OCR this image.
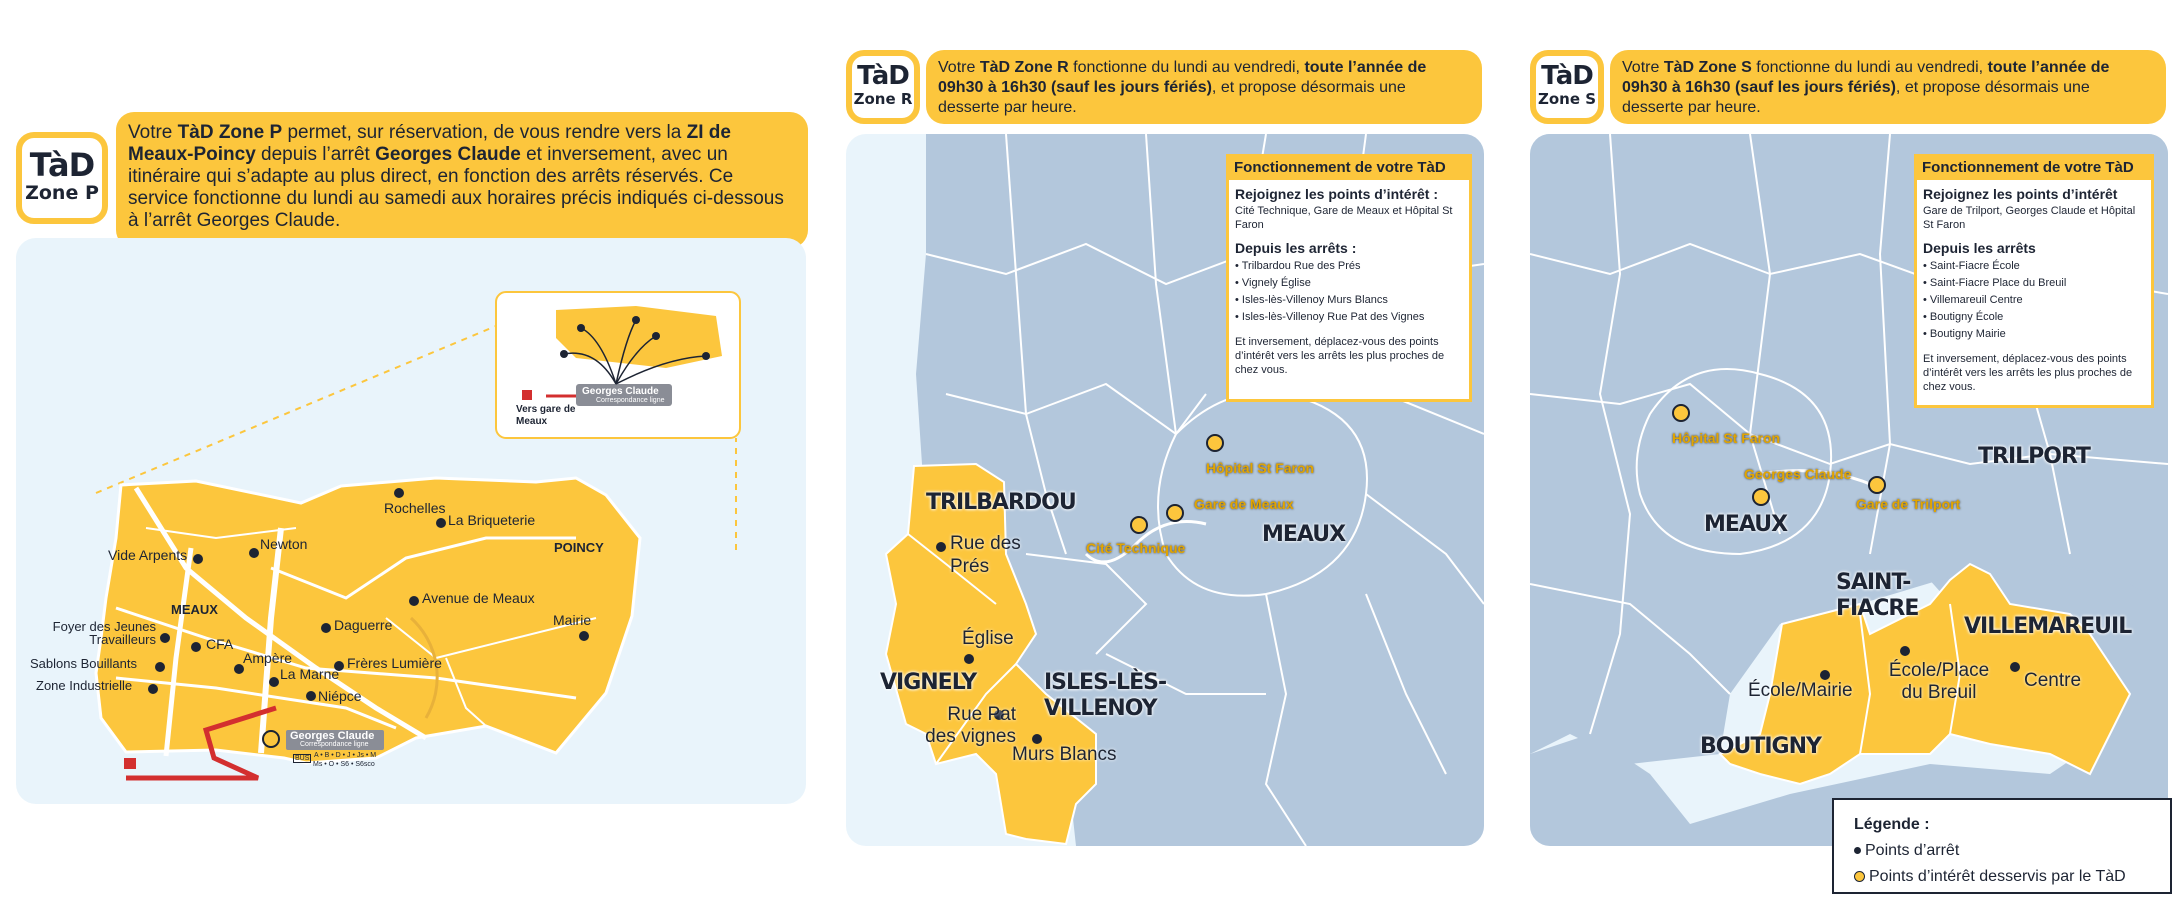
TàD
Zone P
Votre TàD Zone P permet, sur réservation, de vous rendre vers la ZI de Meaux-Poincy depuis l’arrêt Georges Claude et inversement, avec un itinéraire qui s’adapte au plus direct, en fonction des arrêts réservés. Ce service fonctionne du lundi au samedi aux horaires précis indiqués ci-dessous à l’arrêt Georges Claude.
Georges Claude
Correspondance ligne
Vers gare de Meaux
MEAUX
POINCY
Rochelles
La Briqueterie
Newton
Vide Arpents
Avenue de Meaux
Mairie
Foyer des Jeunes Travailleurs	CFA
Daguerre
Ampère	Frères Lumière
Sablons Bouillants
La Marne
Zone Industrielle
Niépce
Georges Claude
Correspondance ligne
BUS A • B • D • J • Js • M
Ms • O • S6 • S6sco
TàD
Zone R
Votre TàD Zone R fonctionne du lundi au vendredi, toute l’année de 09h30 à 16h30 (sauf les jours fériés), et propose désormais une desserte par heure.
Fonctionnement de votre TàD
Rejoignez les points d’intérêt :
Cité Technique, Gare de Meaux et Hôpital St Faron
Depuis les arrêts :
• Trilbardou Rue des Prés
• Vignely Église
• Isles-lès-Villenoy Murs Blancs
• Isles-lès-Villenoy Rue Pat des Vignes
Et inversement, déplacez-vous des points d’intérêt vers les arrêts les plus proches de chez vous.
Hôpital St Faron
Gare de Meaux
Cité Technique
TRILBARDOU
VIGNELY	ISLES-LÈS-VILLENOY
MEAUX
Rue des Prés
Église
Rue Pat des vignes
Murs Blancs
TàD
Zone S
Votre TàD Zone S fonctionne du lundi au vendredi, toute l’année de 09h30 à 16h30 (sauf les jours fériés), et propose désormais une desserte par heure.
Fonctionnement de votre TàD
Rejoignez les points d’intérêt
Gare de Trilport, Georges Claude et Hôpital St Faron
Depuis les arrêts
• Saint-Fiacre École
• Saint-Fiacre Place du Breuil
• Villemareuil Centre
• Boutigny École
• Boutigny Mairie
Et inversement, déplacez-vous des points d’intérêt vers les arrêts les plus proches de chez vous.
Hôpital St Faron
Georges Claude
Gare de Trilport
TRILPORT
MEAUX
SAINT-FIACRE
VILLEMAREUIL
BOUTIGNY
École/Place du Breuil
Centre
École/Mairie
Légende :
Points d’arrêt
Points d’intérêt desservis par le TàD
